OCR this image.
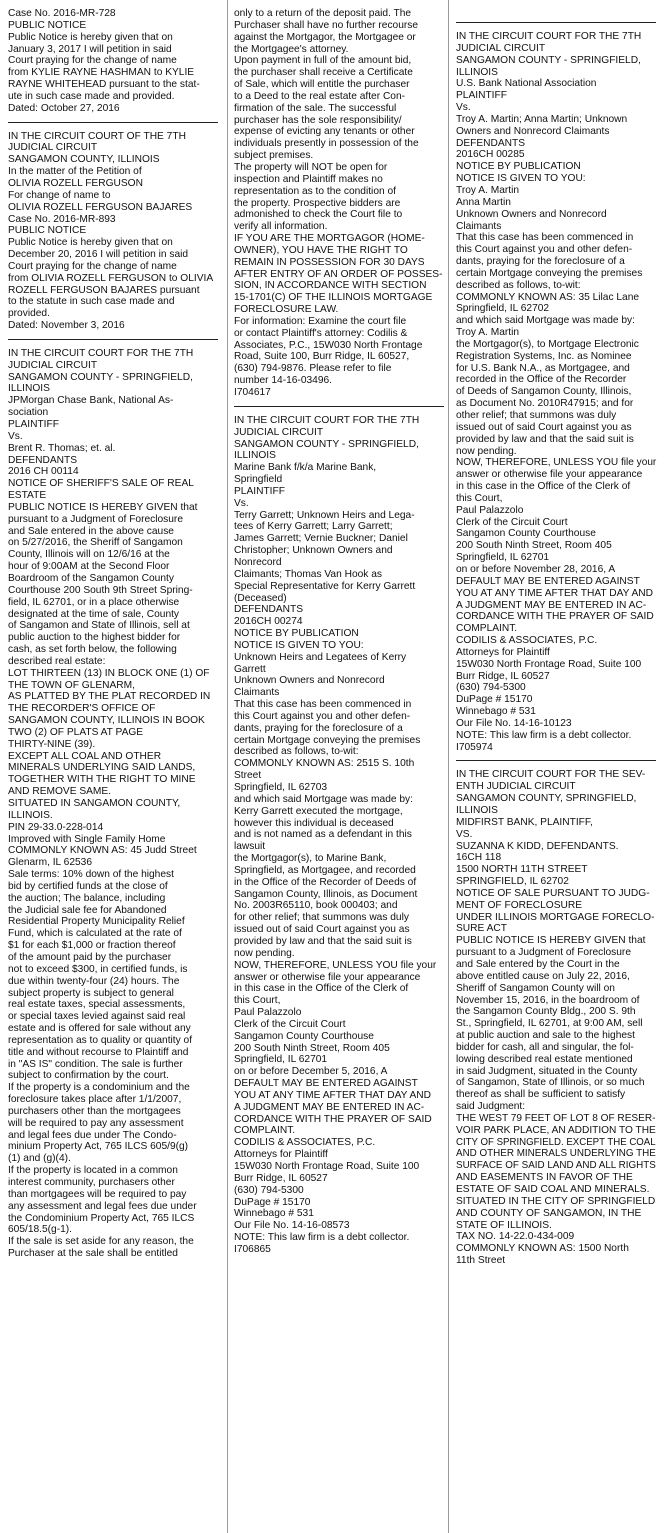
Case No. 2016-MR-728

PUBLIC NOTICE

Public Notice is hereby given that on

January 3, 2017 I will petition in said

Court praying for the change of name

from KYLIE RAYNE HASHMAN to KYLIE

RAYNE WHITEHEAD pursuant to the stat-

ute in such case made and provided.

Dated: October 27, 2016

IN THE CIRCUIT COURT OF THE 7TH

JUDICIAL CIRCUIT

SANGAMON COUNTY, ILLINOIS

In the matter of the Petition of

OLIVIA ROZELL FERGUSON

For change of name to

OLIVIA ROZELL FERGUSON BAJARES

Case No. 2016-MR-893

PUBLIC NOTICE

Public Notice is hereby given that on

December 20, 2016 I will petition in said

Court praying for the change of name

from OLIVIA ROZELL FERGUSON to OLIVIA

ROZELL FERGUSON BAJARES pursuant

to the statute in such case made and

provided.

Dated: November 3, 2016

IN THE CIRCUIT COURT FOR THE 7TH

JUDICIAL CIRCUIT

SANGAMON COUNTY - SPRINGFIELD,

ILLINOIS

JPMorgan Chase Bank, National As-

sociation

PLAINTIFF

Vs.

Brent R. Thomas; et. al.

DEFENDANTS

2016 CH 00114

NOTICE OF SHERIFF'S SALE OF REAL

ESTATE

PUBLIC NOTICE IS HEREBY GIVEN that

pursuant to a Judgment of Foreclosure

and Sale entered in the above cause

on 5/27/2016, the Sheriff of Sangamon

County, Illinois will on 12/6/16 at the

hour of 9:00AM at the Second Floor

Boardroom of the Sangamon County

Courthouse 200 South 9th Street Spring-

field, IL 62701, or in a place otherwise

designated at the time of sale, County

of Sangamon and State of Illinois, sell at

public auction to the highest bidder for

cash, as set forth below, the following

described real estate:

LOT THIRTEEN (13) IN BLOCK ONE (1) OF

THE TOWN OF GLENARM,

AS PLATTED BY THE PLAT RECORDED IN

THE RECORDER'S OFFICE OF

SANGAMON COUNTY, ILLINOIS IN BOOK

TWO (2) OF PLATS AT PAGE

THIRTY-NINE (39).

EXCEPT ALL COAL AND OTHER

MINERALS UNDERLYING SAID LANDS,

TOGETHER WITH THE RIGHT TO MINE

AND REMOVE SAME.

SITUATED IN SANGAMON COUNTY,

ILLINOIS.

PIN 29-33.0-228-014

Improved with Single Family Home

COMMONLY KNOWN AS: 45 Judd Street

Glenarm, IL 62536

Sale terms: 10% down of the highest

bid by certified funds at the close of

the auction; The balance, including

the Judicial sale fee for Abandoned

Residential Property Municipality Relief

Fund, which is calculated at the rate of

$1 for each $1,000 or fraction thereof

of the amount paid by the purchaser

not to exceed $300, in certified funds, is

due within twenty-four (24) hours. The

subject property is subject to general

real estate taxes, special assessments,

or special taxes levied against said real

estate and is offered for sale without any

representation as to quality or quantity of

title and without recourse to Plaintiff and

in "AS IS" condition. The sale is further

subject to confirmation by the court.

If the property is a condominium and the

foreclosure takes place after 1/1/2007,

purchasers other than the mortgagees

will be required to pay any assessment

and legal fees due under The Condo-

minium Property Act, 765 ILCS 605/9(g)

(1) and (g)(4).

If the property is located in a common

interest community, purchasers other

than mortgagees will be required to pay

any assessment and legal fees due under

the Condominium Property Act, 765 ILCS

605/18.5(g-1).

If the sale is set aside for any reason, the

Purchaser at the sale shall be entitled

only to a return of the deposit paid. The

Purchaser shall have no further recourse

against the Mortgagor, the Mortgagee or

the Mortgagee's attorney.

Upon payment in full of the amount bid,

the purchaser shall receive a Certificate

of Sale, which will entitle the purchaser

to a Deed to the real estate after Con-

firmation of the sale. The successful

purchaser has the sole responsibility/

expense of evicting any tenants or other

individuals presently in possession of the

subject premises.

The property will NOT be open for

inspection and Plaintiff makes no

representation as to the condition of

the property. Prospective bidders are

admonished to check the Court file to

verify all information.

IF YOU ARE THE MORTGAGOR (HOME-

OWNER), YOU HAVE THE RIGHT TO

REMAIN IN POSSESSION FOR 30 DAYS

AFTER ENTRY OF AN ORDER OF POSSES-

SION, IN ACCORDANCE WITH SECTION

15-1701(C) OF THE ILLINOIS MORTGAGE

FORECLOSURE LAW.

For information: Examine the court file

or contact Plaintiff's attorney: Codilis &

Associates, P.C., 15W030 North Frontage

Road, Suite 100, Burr Ridge, IL 60527,

(630) 794-9876. Please refer to file

number 14-16-03496.

I704617

IN THE CIRCUIT COURT FOR THE 7TH

JUDICIAL CIRCUIT

SANGAMON COUNTY - SPRINGFIELD,

ILLINOIS

Marine Bank f/k/a Marine Bank,

Springfield

PLAINTIFF

Vs.

Terry Garrett; Unknown Heirs and Lega-

tees of Kerry Garrett; Larry Garrett;

James Garrett; Vernie Buckner; Daniel

Christopher; Unknown Owners and

Nonrecord

Claimants; Thomas Van Hook as

Special Representative for Kerry Garrett

(Deceased)

DEFENDANTS

2016CH 00274

NOTICE BY PUBLICATION

NOTICE IS GIVEN TO YOU:

Unknown Heirs and Legatees of Kerry

Garrett

Unknown Owners and Nonrecord

Claimants

That this case has been commenced in

this Court against you and other defen-

dants, praying for the foreclosure of a

certain Mortgage conveying the premises

described as follows, to-wit:

COMMONLY KNOWN AS: 2515 S. 10th

Street

Springfield, IL 62703

and which said Mortgage was made by:

Kerry Garrett executed the mortgage,

however this individual is deceased

and is not named as a defendant in this

lawsuit

the Mortgagor(s), to Marine Bank,

Springfield, as Mortgagee, and recorded

in the Office of the Recorder of Deeds of

Sangamon County, Illinois, as Document

No. 2003R65110, book 000403; and

for other relief; that summons was duly

issued out of said Court against you as

provided by law and that the said suit is

now pending.

NOW, THEREFORE, UNLESS YOU file your

answer or otherwise file your appearance

in this case in the Office of the Clerk of

this Court,

Paul Palazzolo

Clerk of the Circuit Court

Sangamon County Courthouse

200 South Ninth Street, Room 405

Springfield, IL 62701

on or before December 5, 2016, A

DEFAULT MAY BE ENTERED AGAINST

YOU AT ANY TIME AFTER THAT DAY AND

A JUDGMENT MAY BE ENTERED IN AC-

CORDANCE WITH THE PRAYER OF SAID

COMPLAINT.

CODILIS & ASSOCIATES, P.C.

Attorneys for Plaintiff

15W030 North Frontage Road, Suite 100

Burr Ridge, IL 60527

(630) 794-5300

DuPage # 15170

Winnebago # 531

Our File No. 14-16-08573

NOTE: This law firm is a debt collector.

I706865

IN THE CIRCUIT COURT FOR THE 7TH

JUDICIAL CIRCUIT

SANGAMON COUNTY - SPRINGFIELD,

ILLINOIS

U.S. Bank National Association

PLAINTIFF

Vs.

Troy A. Martin; Anna Martin; Unknown

Owners and Nonrecord Claimants

DEFENDANTS

2016CH 00285

NOTICE BY PUBLICATION

NOTICE IS GIVEN TO YOU:

Troy A. Martin

Anna Martin

Unknown Owners and Nonrecord

Claimants

That this case has been commenced in

this Court against you and other defen-

dants, praying for the foreclosure of a

certain Mortgage conveying the premises

described as follows, to-wit:

COMMONLY KNOWN AS: 35 Lilac Lane

Springfield, IL 62702

and which said Mortgage was made by:

Troy A. Martin

the Mortgagor(s), to Mortgage Electronic

Registration Systems, Inc. as Nominee

for U.S. Bank N.A., as Mortgagee, and

recorded in the Office of the Recorder

of Deeds of Sangamon County, Illinois,

as Document No. 2010R47915; and for

other relief; that summons was duly

issued out of said Court against you as

provided by law and that the said suit is

now pending.

NOW, THEREFORE, UNLESS YOU file your

answer or otherwise file your appearance

in this case in the Office of the Clerk of

this Court,

Paul Palazzolo

Clerk of the Circuit Court

Sangamon County Courthouse

200 South Ninth Street, Room 405

Springfield, IL 62701

on or before November 28, 2016, A

DEFAULT MAY BE ENTERED AGAINST

YOU AT ANY TIME AFTER THAT DAY AND

A JUDGMENT MAY BE ENTERED IN AC-

CORDANCE WITH THE PRAYER OF SAID

COMPLAINT.

CODILIS & ASSOCIATES, P.C.

Attorneys for Plaintiff

15W030 North Frontage Road, Suite 100

Burr Ridge, IL 60527

(630) 794-5300

DuPage # 15170

Winnebago # 531

Our File No. 14-16-10123

NOTE: This law firm is a debt collector.

I705974

IN THE CIRCUIT COURT FOR THE SEV-

ENTH JUDICIAL CIRCUIT

SANGAMON COUNTY, SPRINGFIELD,

ILLINOIS

MIDFIRST BANK, PLAINTIFF,

VS.

SUZANNA K KIDD, DEFENDANTS.

16CH 118

1500 NORTH 11TH STREET

SPRINGFIELD, IL 62702

NOTICE OF SALE PURSUANT TO JUDG-

MENT OF FORECLOSURE

UNDER ILLINOIS MORTGAGE FORECLO-

SURE ACT

PUBLIC NOTICE IS HEREBY GIVEN that

pursuant to a Judgment of Foreclosure

and Sale entered by the Court in the

above entitled cause on July 22, 2016,

Sheriff of Sangamon County will on

November 15, 2016, in the boardroom of

the Sangamon County Bldg., 200 S. 9th

St., Springfield, IL 62701, at 9:00 AM, sell

at public auction and sale to the highest

bidder for cash, all and singular, the fol-

lowing described real estate mentioned

in said Judgment, situated in the County

of Sangamon, State of Illinois, or so much

thereof as shall be sufficient to satisfy

said Judgment:

THE WEST 79 FEET OF LOT 8 OF RESER-

VOIR PARK PLACE, AN ADDITION TO THE

CITY OF SPRINGFIELD. EXCEPT THE COAL

AND OTHER MINERALS UNDERLYING THE

SURFACE OF SAID LAND AND ALL RIGHTS

AND EASEMENTS IN FAVOR OF THE

ESTATE OF SAID COAL AND MINERALS.

SITUATED IN THE CITY OF SPRINGFIELD

AND COUNTY OF SANGAMON, IN THE

STATE OF ILLINOIS.

TAX NO. 14-22.0-434-009

COMMONLY KNOWN AS: 1500 North

11th Street
